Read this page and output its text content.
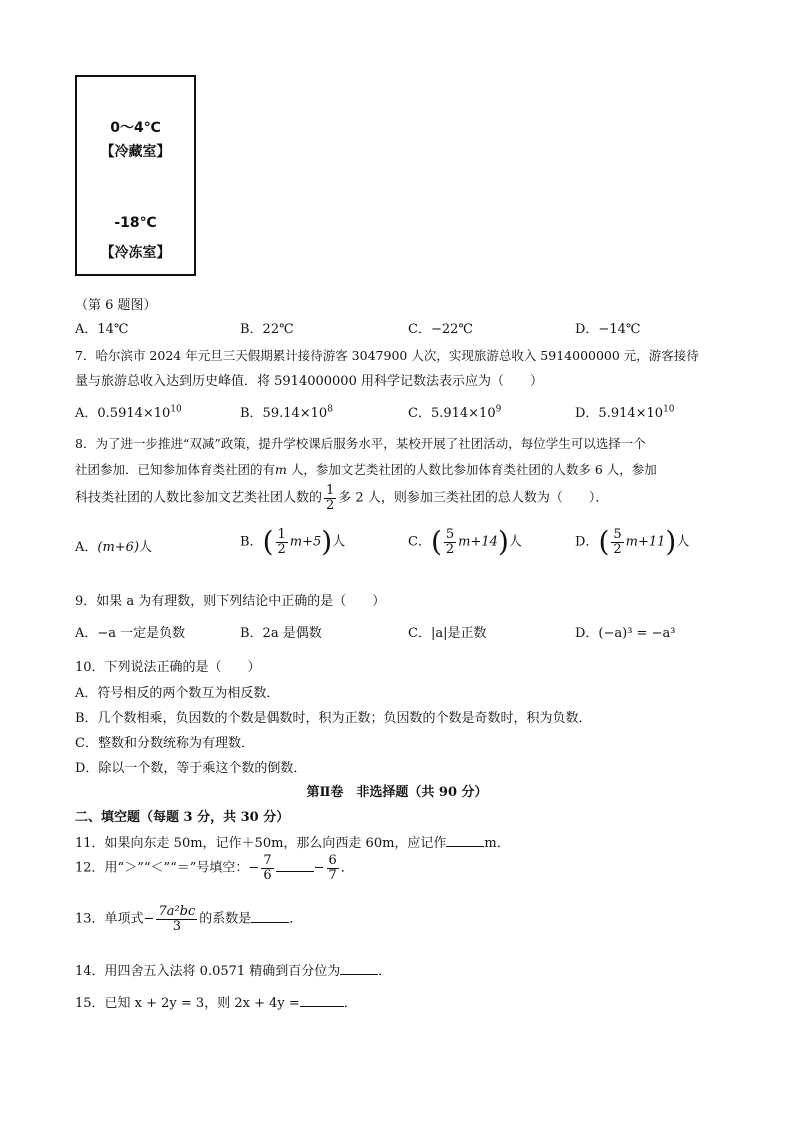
0～4℃
【冷藏室】
-18℃
【冷冻室】
（第 6 题图）
A．14℃	B．22℃	C．−22℃	D．−14℃
7．哈尔滨市 2024 年元旦三天假期累计接待游客 3047900 人次，实现旅游总收入 5914000000 元，游客接待
量与旅游总收入达到历史峰值．将 5914000000 用科学记数法表示应为（　　）
A．$0.5914\times 10^{10}$	B．$59.14\times 10^8$	C．$5.914\times 10^9$	D．$5.914\times 10^{10}$
8．为了进一步推进“双减”政策，提升学校课后服务水平，某校开展了社团活动，每位学生可以选择一个
社团参加．已知参加体育类社团的有m 人，参加文艺类社团的人数比参加体育类社团的人数多 6 人，参加
科技类社团的人数比参加文艺类社团人数的 $\frac{1}{2}$ 多 2 人，则参加三类社团的总人数为（　　）．
A．(m+6)人	B．( $\frac{1}{2} m+5$)人	C．( $\frac{5}{2} m+14$)人	D．( $\frac{5}{2} m+11$)人
9．如果 a 为有理数，则下列结论中正确的是（　　）
A．−a 一定是负数	B．2a 是偶数	C．|a|是正数	D．(−a)³ = −a³
10．下列说法正确的是（　　）
A．符号相反的两个数互为相反数．
B．几个数相乘，负因数的个数是偶数时，积为正数；负因数的个数是奇数时，积为负数．
C．整数和分数统称为有理数．
D．除以一个数，等于乘这个数的倒数．
第Ⅱ卷　非选择题（共 90 分）
二、填空题（每题 3 分，共 30 分）
11．如果向东走 50m，记作＋50m，那么向西走 60m，应记作	m．
12．用“＞”“＜”“＝”号填空：− $\frac{7}{6}$	− $\frac{6}{7}$ ．
13．单项式− $\frac{\text{7a²bc}}{3}$ 的系数是	．
14．用四舍五入法将 0.0571 精确到百分位为	．
15．已知 x + 2y = 3，则 2x + 4y =	．
